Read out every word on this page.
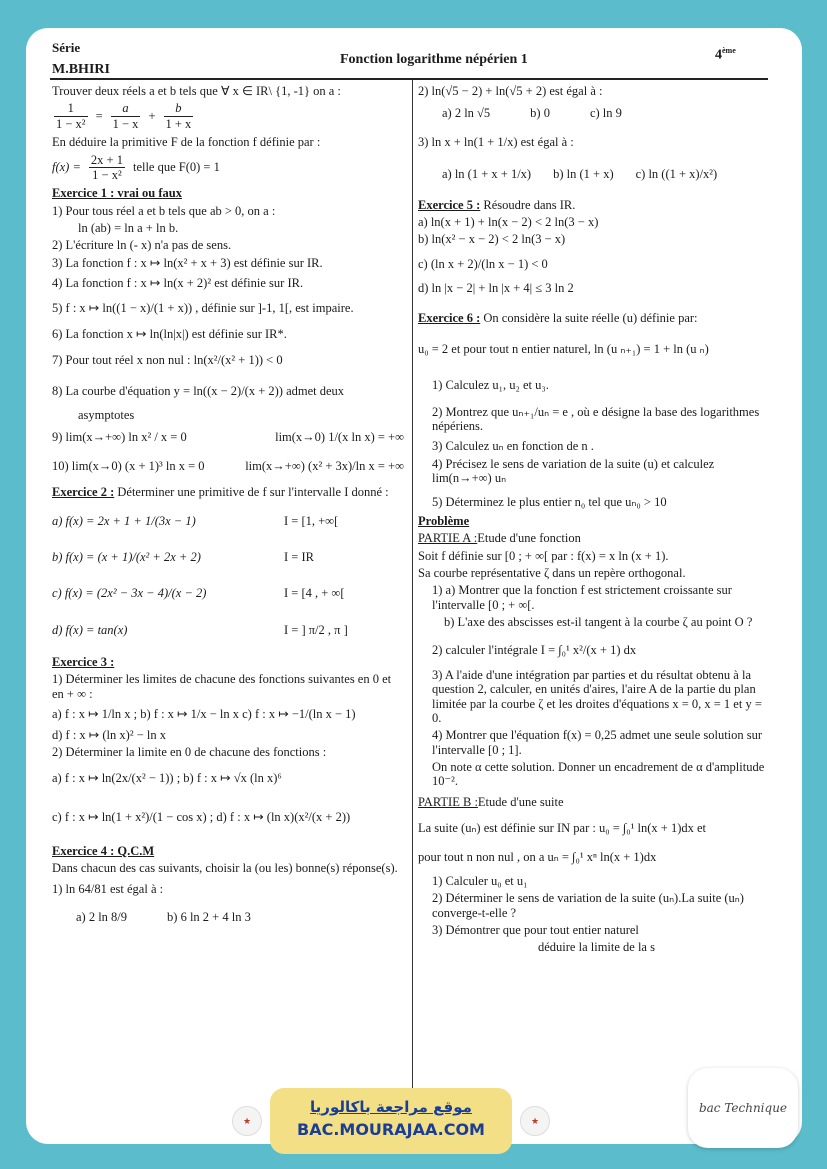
Série
M.BHIRI
Fonction logarithme népérien 1	4ème

Trouver deux réels a et b tels que ∀ x ∈ IR\ {1, -1} on a :

$\frac{1}{\text{1 − x²}} = \frac{a}{1 - x} + \frac{b}{1 + x}$

En déduire la primitive F de la fonction f définie par :

$f(x) = \frac{2x + 1}{\text{1 − x²}}$ telle que F(0) = 1

Exercice 1 : vrai ou faux

1) Pour tous réel a et b tels que ab > 0, on a :

ln (ab) = ln a + ln b.

2) L'écriture ln (- x) n'a pas de sens.

3) La fonction f : x ↦ ln(x² + x + 3) est définie sur IR.

4) La fonction f : x ↦ ln(x + 2)² est définie sur IR.

5) f : x ↦ ln((1 − x)/(1 + x)) , définie sur ]-1, 1[, est impaire.

6) La fonction x ↦ ln(ln|x|) est définie sur IR*.

7) Pour tout réel x non nul : ln(x²/(x² + 1)) < 0

8) La courbe d'équation y = ln((x − 2)/(x + 2)) admet deux

asymptotes

9) lim(x→+∞) ln x² / x = 0	lim(x→0) 1/(x ln x) = +∞
10) lim(x→0) (x + 1)³ ln x = 0	lim(x→+∞) (x² + 3x)/ln x = +∞

Exercice 2 : Déterminer une primitive de f sur l'intervalle I donné :

a) f(x) = 2x + 1 + 1/(3x − 1)	I = [1, +∞[
b) f(x) = (x + 1)/(x² + 2x + 2)	I = IR
c) f(x) = (2x² − 3x − 4)/(x − 2)	I = [4 , + ∞[
d) f(x) = tan(x)	I = ] π/2 , π ]

Exercice 3 :

1) Déterminer les limites de chacune des fonctions suivantes en 0 et en + ∞ :

a) f : x ↦ 1/ln x ; b) f : x ↦ 1/x − ln x c) f : x ↦ −1/(ln x − 1)

d) f : x ↦ (ln x)² − ln x

2) Déterminer la limite en 0 de chacune des fonctions :

a) f : x ↦ ln(2x/(x² − 1)) ; b) f : x ↦ √x (ln x)⁶

c) f : x ↦ ln(1 + x²)/(1 − cos x) ; d) f : x ↦ (ln x)(x²/(x + 2))

Exercice 4 : Q.C.M

Dans chacun des cas suivants, choisir la (ou les) bonne(s) réponse(s).

1) ln 64/81 est égal à :

a) 2 ln 8/9	b) 6 ln 2 + 4 ln 3

2) ln(√5 − 2) + ln(√5 + 2) est égal à :

a) 2 ln √5	b) 0	c) ln 9

3) ln x + ln(1 + 1/x) est égal à :

a) ln (1 + x + 1/x) b) ln (1 + x) c) ln ((1 + x)/x²)

Exercice 5 : Résoudre dans IR.

a) ln(x + 1) + ln(x − 2) < 2 ln(3 − x)

b) ln(x² − x − 2) < 2 ln(3 − x)

c) (ln x + 2)/(ln x − 1) < 0

d) ln |x − 2| + ln |x + 4| ≤ 3 ln 2

Exercice 6 : On considère la suite réelle (u) définie par:

u₀ = 2 et pour tout n entier naturel, ln (u ₙ₊₁) = 1 + ln (u ₙ)

1) Calculez u₁, u₂ et u₃.

2) Montrez que uₙ₊₁/uₙ = e , où e désigne la base des logarithmes népériens.

3) Calculez uₙ en fonction de n .

4) Précisez le sens de variation de la suite (u) et calculez lim(n→+∞) uₙ

5) Déterminez le plus entier n₀ tel que uₙ₀ > 10

Problème

PARTIE A :Etude d'une fonction

Soit f définie sur [0 ; + ∞[ par : f(x) = x ln (x + 1).

Sa courbe représentative ζ dans un repère orthogonal.

1) a) Montrer que la fonction f est strictement croissante sur l'intervalle [0 ; + ∞[.

b) L'axe des abscisses est-il tangent à la courbe ζ au point O ?

2) calculer l'intégrale I = ∫₀¹ x²/(x + 1) dx

3) A l'aide d'une intégration par parties et du résultat obtenu à la question 2, calculer, en unités d'aires, l'aire A de la partie du plan limitée par la courbe ζ et les droites d'équations x = 0, x = 1 et y = 0.

4) Montrer que l'équation f(x) = 0,25 admet une seule solution sur l'intervalle [0 ; 1].

On note α cette solution. Donner un encadrement de α d'amplitude 10⁻².

PARTIE B :Etude d'une suite

La suite (uₙ) est définie sur IN par : u₀ = ∫₀¹ ln(x + 1)dx et

pour tout n non nul , on a uₙ = ∫₀¹ xⁿ ln(x + 1)dx

1) Calculer u₀ et u₁

2) Déterminer le sens de variation de la suite (uₙ).La suite (uₙ) converge-t-elle ?

3) Démontrer que pour tout entier naturel

déduire la limite de la s

★	★
موقع مراجعة باكالوريا
BAC.MOURAJAA.COM
bac Technique
